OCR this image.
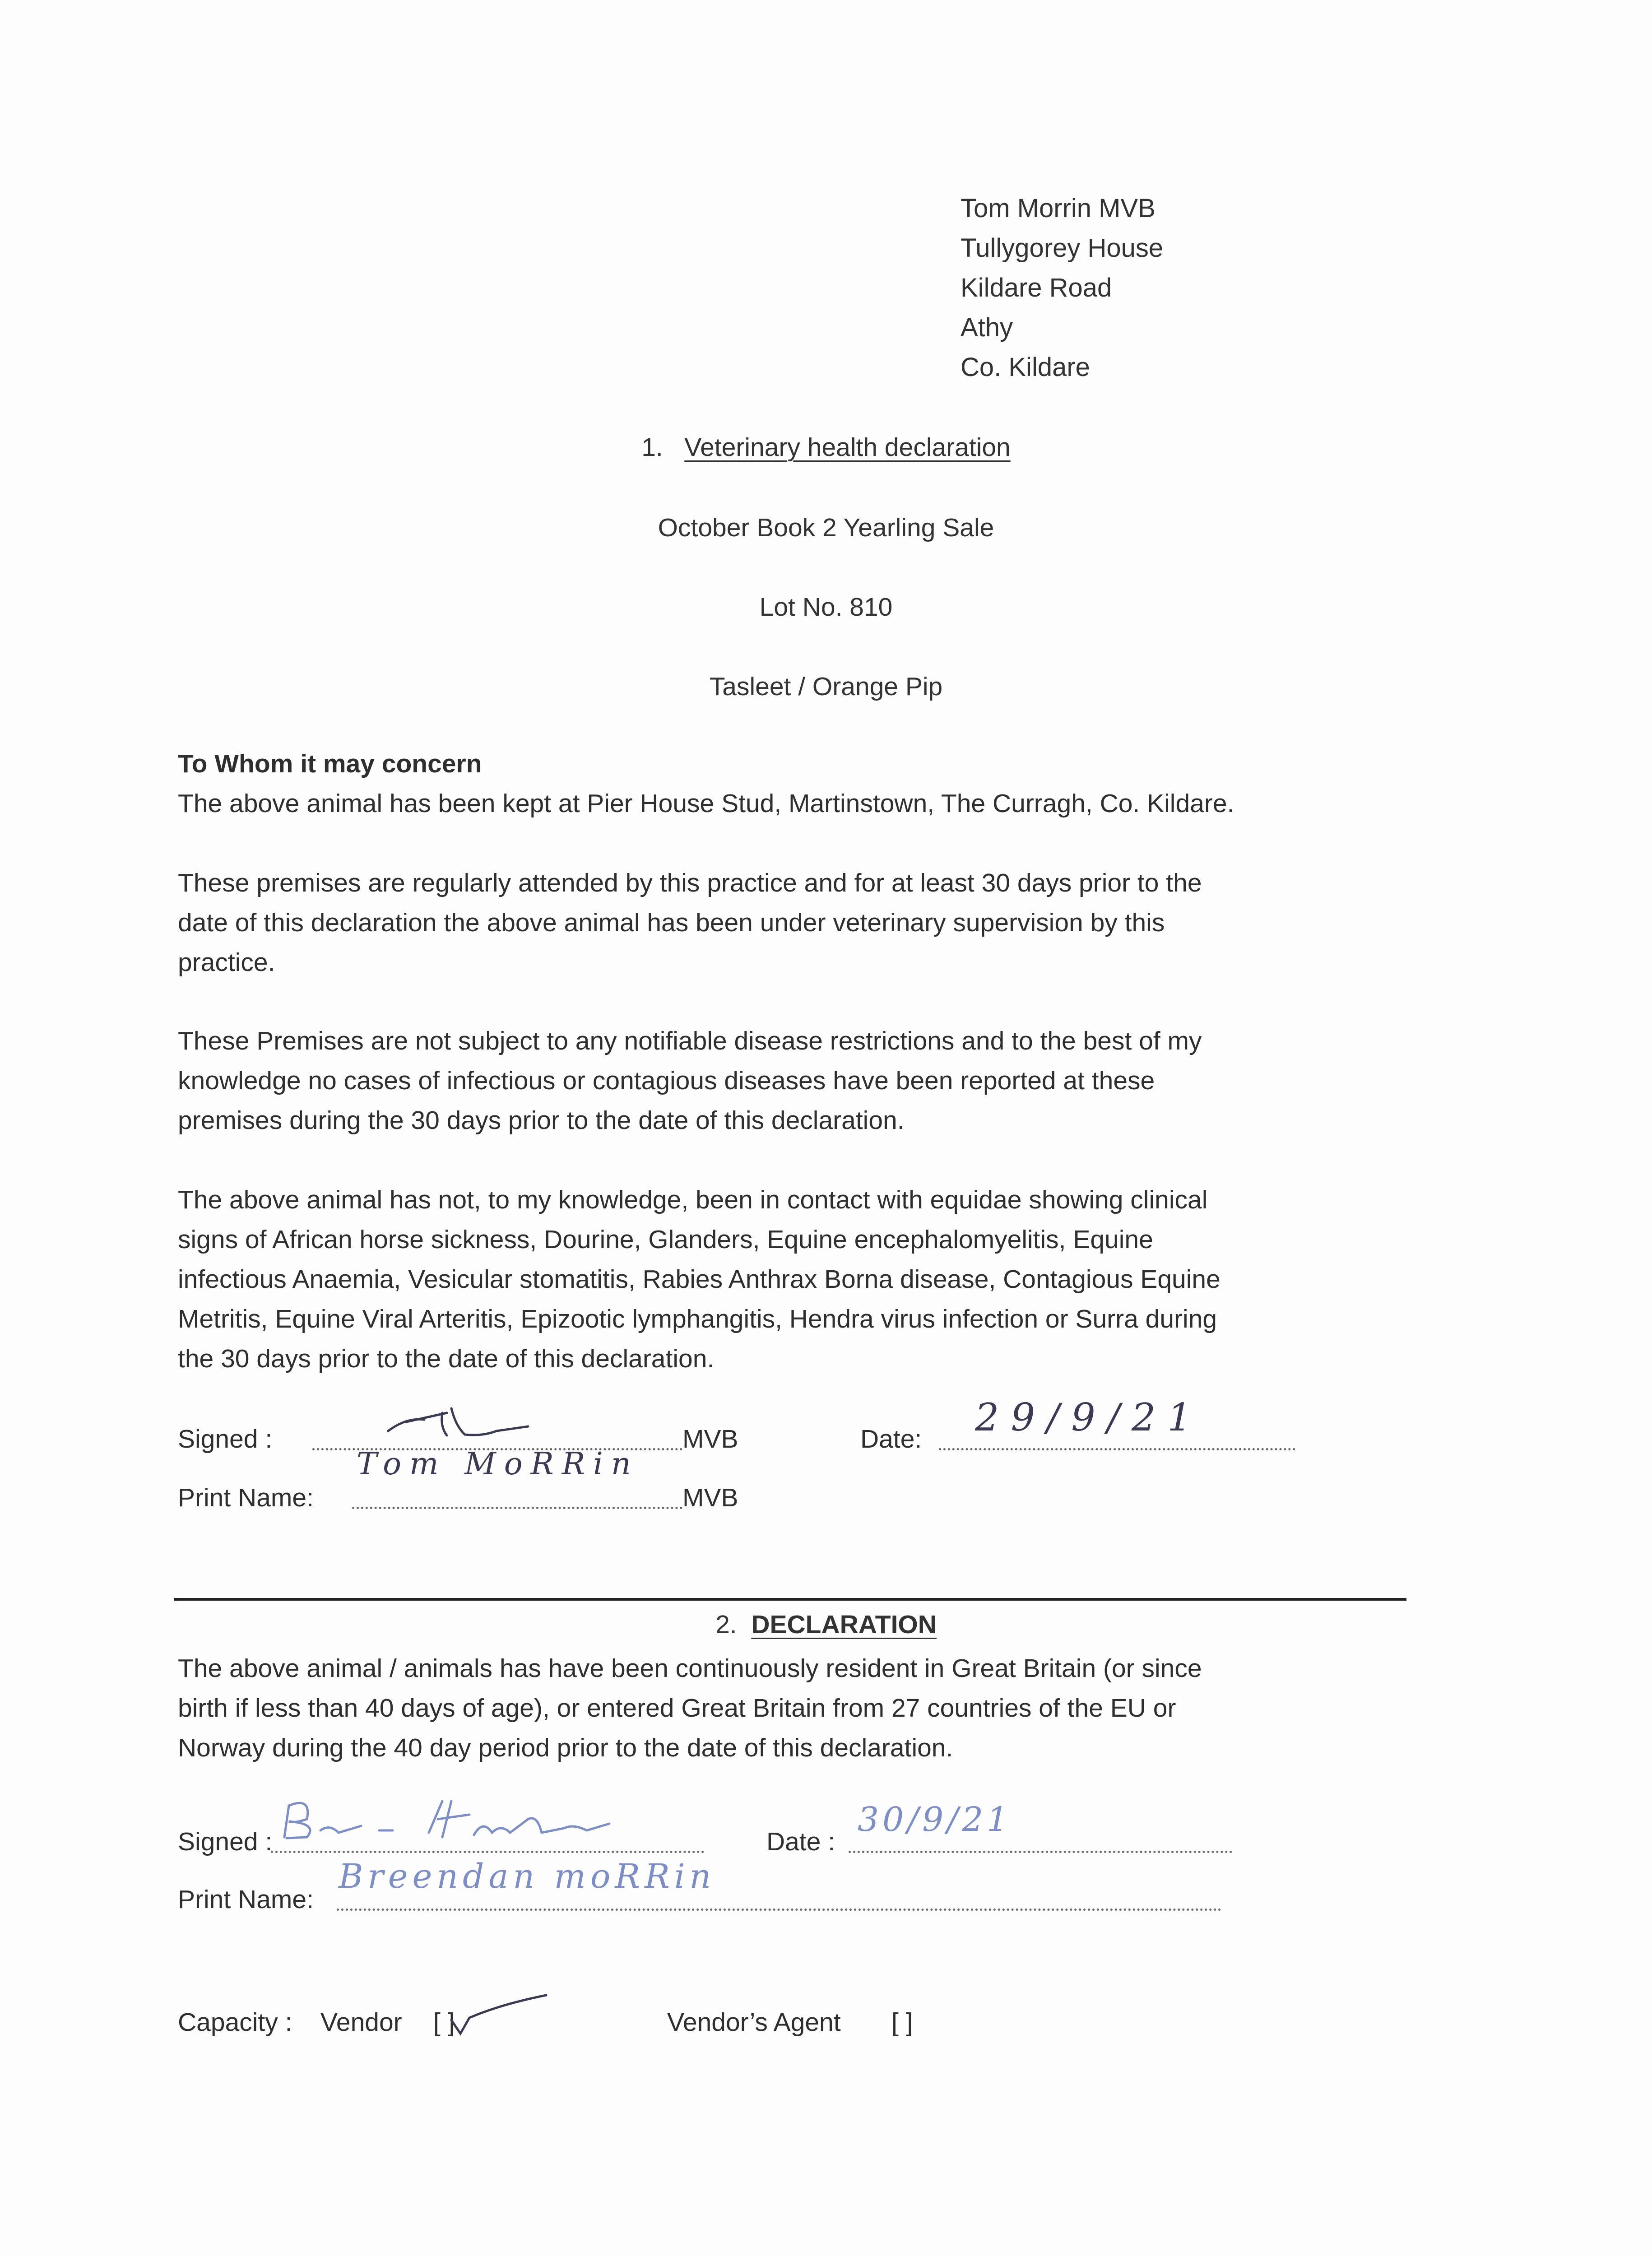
Tom Morrin MVB
Tullygorey House
Kildare Road
Athy
Co. Kildare
1. Veterinary health declaration
October Book 2 Yearling Sale
Lot No. 810
Tasleet / Orange Pip
To Whom it may concern
The above animal has been kept at Pier House Stud, Martinstown, The Curragh, Co. Kildare.
These premises are regularly attended by this practice and for at least 30 days prior to the
date of this declaration the above animal has been under veterinary supervision by this
practice.
These Premises are not subject to any notifiable disease restrictions and to the best of my
knowledge no cases of infectious or contagious diseases have been reported at these
premises during the 30 days prior to the date of this declaration.
The above animal has not, to my knowledge, been in contact with equidae showing clinical
signs of African horse sickness, Dourine, Glanders, Equine encephalomyelitis, Equine
infectious Anaemia, Vesicular stomatitis, Rabies Anthrax Borna disease, Contagious Equine
Metritis, Equine Viral Arteritis, Epizootic lymphangitis, Hendra virus infection or Surra during
the 30 days prior to the date of this declaration.
Signed :	MVB
Print Name:	MVB
Tom MoRRin
Date: 29/9/21
2. DECLARATION
The above animal / animals has have been continuously resident in Great Britain (or since
birth if less than 40 days of age), or entered Great Britain from 27 countries of the EU or
Norway during the 40 day period prior to the date of this declaration.
Signed :	Date :
30/9/21
Print Name:
Breendan moRRin
Capacity : Vendor [ ]	Vendor’s Agent [ ]
